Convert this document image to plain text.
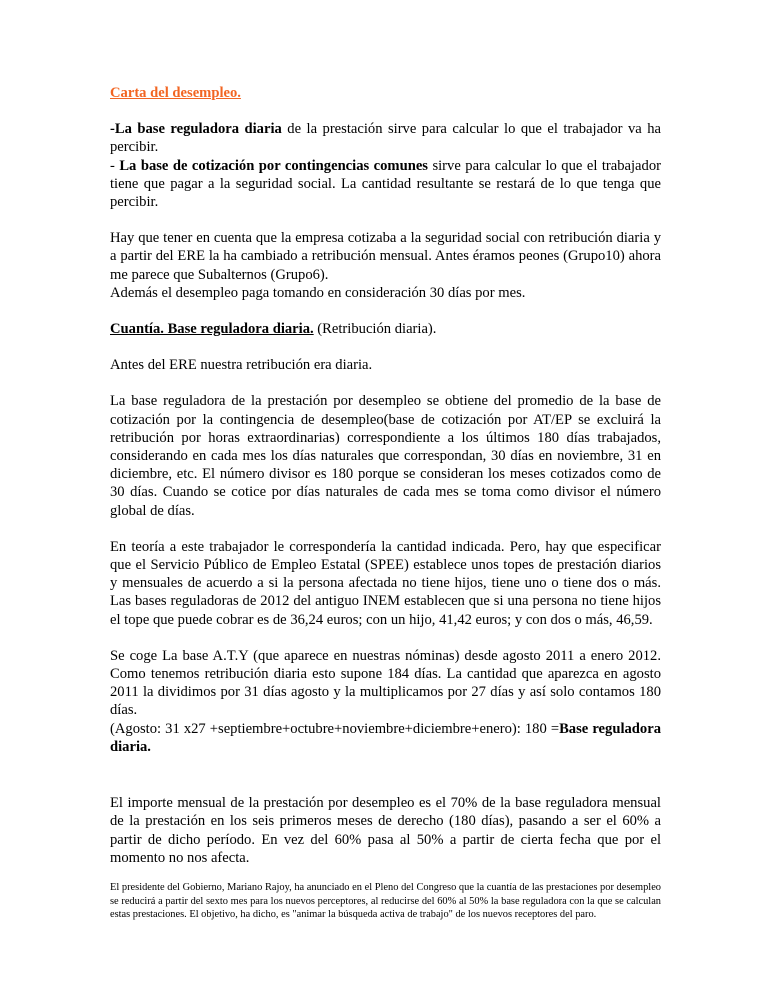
Carta del desempleo.

-La base reguladora diaria de la prestación sirve para calcular lo que el trabajador va ha percibir.
- La base de cotización por contingencias comunes sirve para calcular lo que el trabajador tiene que pagar a la seguridad social. La cantidad resultante se restará de lo que tenga que percibir.

Hay que tener en cuenta que la empresa cotizaba a la seguridad social con retribución diaria y a partir del ERE la ha cambiado a retribución mensual. Antes éramos peones (Grupo10) ahora me parece que Subalternos (Grupo6).
Además el desempleo paga tomando en consideración 30 días por mes.

Cuantía. Base reguladora diaria. (Retribución diaria).

Antes del ERE nuestra retribución era diaria.

La base reguladora de la prestación por desempleo se obtiene del promedio de la base de cotización por la contingencia de desempleo(base de cotización por AT/EP se excluirá la retribución por horas extraordinarias) correspondiente a los últimos 180 días trabajados, considerando en cada mes los días naturales que correspondan, 30 días en noviembre, 31 en diciembre, etc. El número divisor es 180 porque se consideran los meses cotizados como de 30 días. Cuando se cotice por días naturales de cada mes se toma como divisor el número global de días.

En teoría a este trabajador le correspondería la cantidad indicada. Pero, hay que especificar que el Servicio Público de Empleo Estatal (SPEE) establece unos topes de prestación diarios y mensuales de acuerdo a si la persona afectada no tiene hijos, tiene uno o tiene dos o más. Las bases reguladoras de 2012 del antiguo INEM establecen que si una persona no tiene hijos el tope que puede cobrar es de 36,24 euros; con un hijo, 41,42 euros; y con dos o más, 46,59.

Se coge La base A.T.Y (que aparece en nuestras nóminas) desde agosto 2011 a enero 2012. Como tenemos retribución diaria esto supone 184 días. La cantidad que aparezca en agosto 2011 la dividimos por 31 días agosto y la multiplicamos por 27 días y así solo contamos 180 días.
(Agosto: 31 x27 +septiembre+octubre+noviembre+diciembre+enero): 180 =Base reguladora diaria.

El importe mensual de la prestación por desempleo es el 70% de la base reguladora mensual de la prestación en los seis primeros meses de derecho (180 días), pasando a ser el 60% a partir de dicho período. En vez del 60% pasa al 50% a partir de cierta fecha que por el momento no nos afecta.

El presidente del Gobierno, Mariano Rajoy, ha anunciado en el Pleno del Congreso que la cuantía de las prestaciones por desempleo se reducirá a partir del sexto mes para los nuevos perceptores, al reducirse del 60% al 50% la base reguladora con la que se calculan estas prestaciones. El objetivo, ha dicho, es "animar la búsqueda activa de trabajo" de los nuevos receptores del paro.
